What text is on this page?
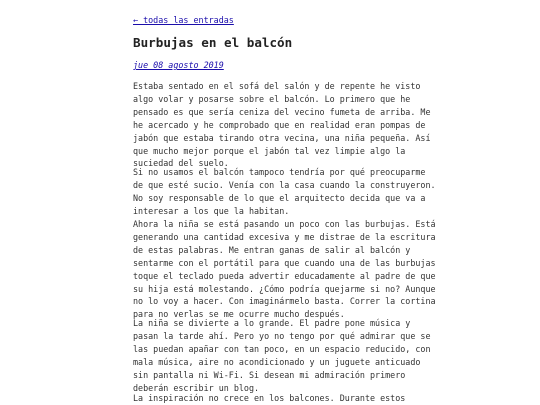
← todas las entradas
Burbujas en el balcón
jue 08 agosto 2019

Estaba sentado en el sofá del salón y de repente he visto
algo volar y posarse sobre el balcón. Lo primero que he
pensado es que sería ceniza del vecino fumeta de arriba. Me
he acercado y he comprobado que en realidad eran pompas de
jabón que estaba tirando otra vecina, una niña pequeña. Así
que mucho mejor porque el jabón tal vez limpie algo la
suciedad del suelo.

Si no usamos el balcón tampoco tendría por qué preocuparme
de que esté sucio. Venía con la casa cuando la construyeron.
No soy responsable de lo que el arquitecto decida que va a
interesar a los que la habitan.

Ahora la niña se está pasando un poco con las burbujas. Está
generando una cantidad excesiva y me distrae de la escritura
de estas palabras. Me entran ganas de salir al balcón y
sentarme con el portátil para que cuando una de las burbujas
toque el teclado pueda advertir educadamente al padre de que
su hija está molestando. ¿Cómo podría quejarme si no? Aunque
no lo voy a hacer. Con imaginármelo basta. Correr la cortina
para no verlas se me ocurre mucho después.

La niña se divierte a lo grande. El padre pone música y
pasan la tarde ahí. Pero yo no tengo por qué admirar que se
las puedan apañar con tan poco, en un espacio reducido, con
mala música, aire no acondicionado y un juguete anticuado
sin pantalla ni Wi-Fi. Si desean mi admiración primero
deberán escribir un blog.

La inspiración no crece en los balcones. Durante estos
